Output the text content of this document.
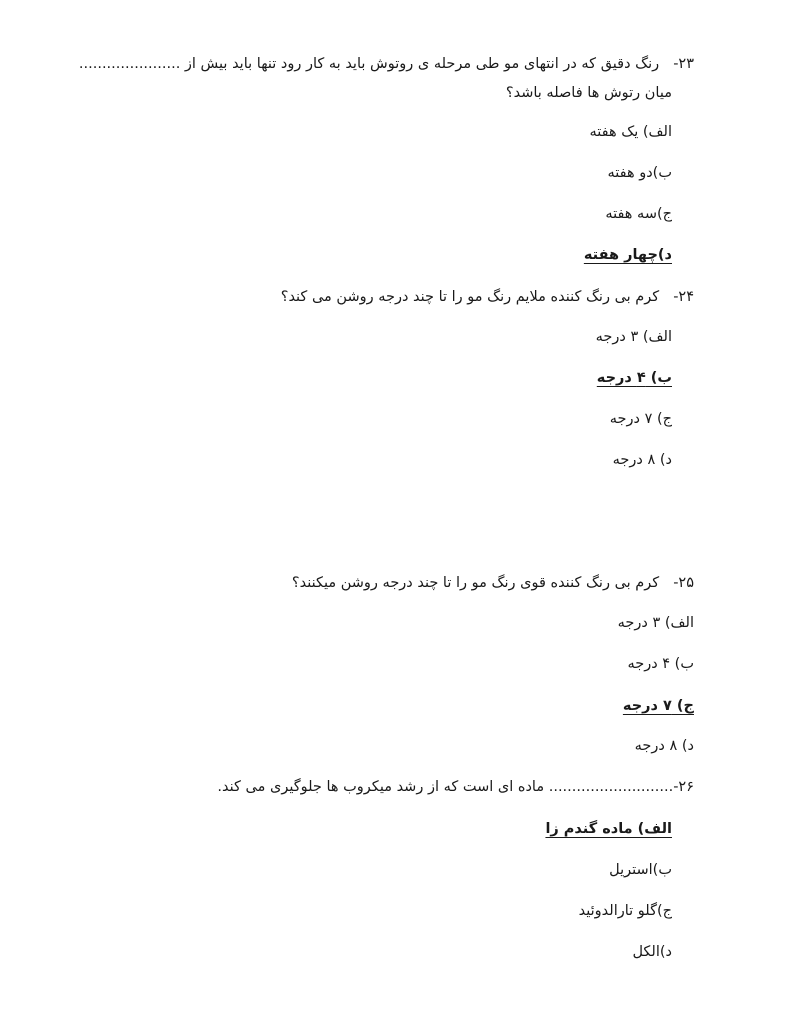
۲۳-رنگ دقیق که در انتهای مو طی مرحله ی روتوش باید به کار رود تنها باید بیش از ......................
میان رتوش ها فاصله باشد؟
الف) یک هفته
ب)دو هفته
ج)سه هفته
د)چهار هفته
۲۴-کرم بی رنگ کننده ملایم رنگ مو را تا چند درجه روشن می کند؟
الف) ۳ درجه
ب) ۴ درجه
ج) ۷ درجه
د) ۸ درجه
۲۵-کرم بی رنگ کننده قوی رنگ مو را تا چند درجه روشن میکنند؟
الف) ۳ درجه
ب) ۴ درجه
ج) ۷ درجه
د) ۸ درجه
۲۶-........................... ماده ای است که از رشد میکروب ها جلوگیری می کند.
الف) ماده گندم زا
ب)استریل
ج)گلو تارالدوئید
د)الکل
